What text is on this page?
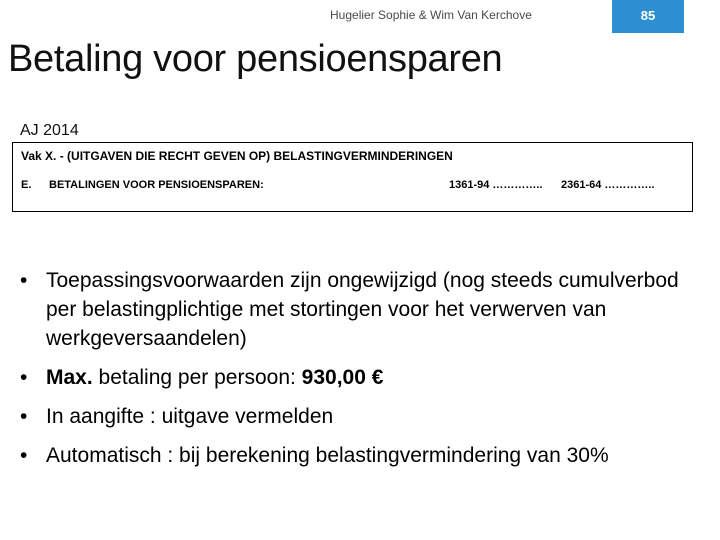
Hugelier Sophie & Wim Van Kerchove	85
Betaling voor pensioensparen
AJ 2014
Vak X. - (UITGAVEN DIE RECHT GEVEN OP) BELASTINGVERMINDERINGEN
E. BETALINGEN VOOR PENSIOENSPAREN:	1361-94 ………….. 2361-64 …………..
• Toepassingsvoorwaarden zijn ongewijzigd (nog steeds cumulverbod per belastingplichtige met stortingen voor het verwerven van werkgeversaandelen)
• Max. betaling per persoon: 930,00 €
• In aangifte : uitgave vermelden
• Automatisch : bij berekening belastingvermindering van 30%
